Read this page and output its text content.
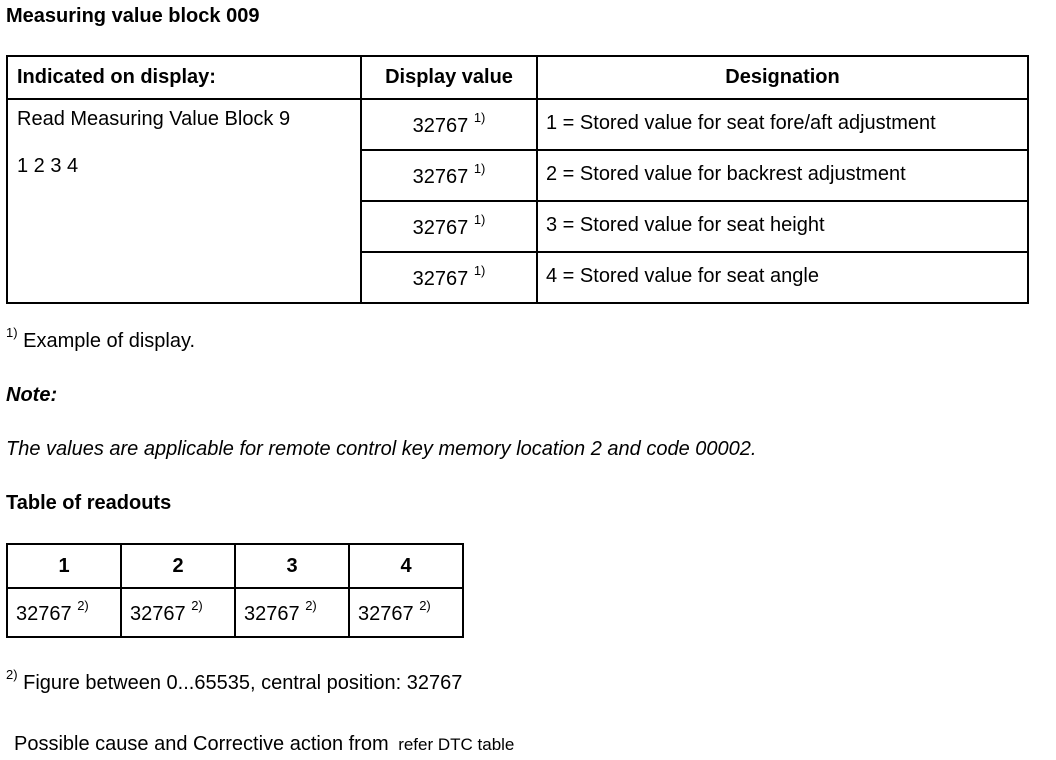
Measuring value block 009
Indicated on display:	Display value	Designation
Read Measuring Value Block 9
1 2 3 4	32767 $^{1)}$	1 = Stored value for seat fore/aft adjustment
	32767 $^{1)}$	2 = Stored value for backrest adjustment
	32767 $^{1)}$	3 = Stored value for seat height
	32767 $^{1)}$	4 = Stored value for seat angle
$^{1)}$ Example of display.
Note:
The values are applicable for remote control key memory location 2 and code 00002.
Table of readouts
1	2	3	4
32767 $^{2)}$	32767 $^{2)}$	32767 $^{2)}$	32767 $^{2)}$
$^{2)}$ Figure between 0...65535, central position: 32767
Possible cause and Corrective action from refer DTC table
